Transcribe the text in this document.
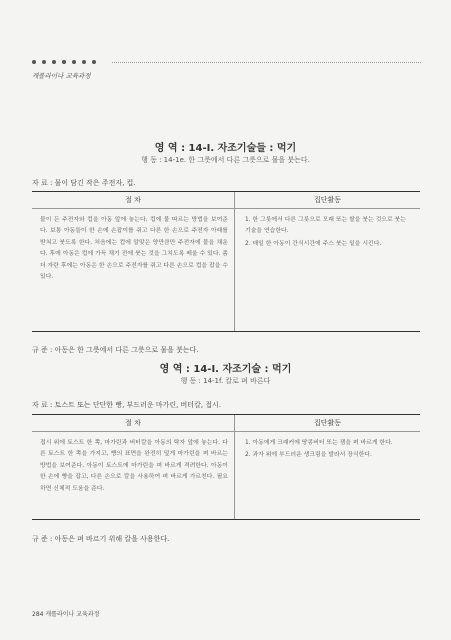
캐롤라이나 교육과정
영 역 : 14-Ⅰ. 자조기술들 : 먹기
행 동 : 14-1e. 한 그릇에서 다른 그릇으로 물을 붓는다.
자 료 : 물이 담긴 작은 주전자, 컵.
절 차	집단활동
물이 든 주전자와 컵을 아동 앞에 놓는다. 컵에 물 따르는 방법을 보여준다. 보통 아동들이 한 손에 손잡이를 쥐고 다른 한 손으로 주전자 아래를 받쳐고 붓도록 한다. 처음에는 컵에 알맞은 양만큼만 주전자에 물을 채운다. 후에 아동은 컵에 가득 채기 전에 붓는 것을 그치도록 배울 수 있다. 좀 더 자란 후에는 아동은 한 손으로 주전자를 쥐고 다른 손으로 컵을 잡을 수 있다.
1. 한 그릇에서 다른 그릇으로 모래 또는 쌀을 붓는 것으로 붓는 기술을 연습한다.
2. 매일 한 아동이 간식시간에 주스 붓는 일을 시킨다.
규 준 : 아동은 한 그릇에서 다른 그릇으로 물을 붓는다.
영 역 : 14-Ⅰ. 자조기술 : 먹기
행 동 : 14-1f. 칼로 펴 바른다
자 료 : 토스트 또는 단단한 빵, 부드러운 마가린, 버터칼, 접시.
절 차	집단활동
접시 위에 토스트 한 쪽, 마가린과 버터칼을 아동의 탁자 앞에 놓는다. 다른 토스트 한 쪽을 가지고, 빵의 표면을 완전히 덮게 마가린을 펴 바르는 방법을 보여준다. 아동이 토스트에 마가린을 펴 바르게 격려한다. 아동이 한 손에 빵을 잡고, 다른 손으로 칼을 사용하여 펴 바르게 가르친다. 필요하면 신체적 도움을 준다.
1. 아동에게 크래커에 땅콩버터 또는 잼을 펴 바르게 한다.
2. 과자 위에 부드러운 생크림을 발라서 장식한다.
규 준 : 아동은 펴 바르기 위해 칼을 사용한다.
284 캐롤라이나 교육과정
